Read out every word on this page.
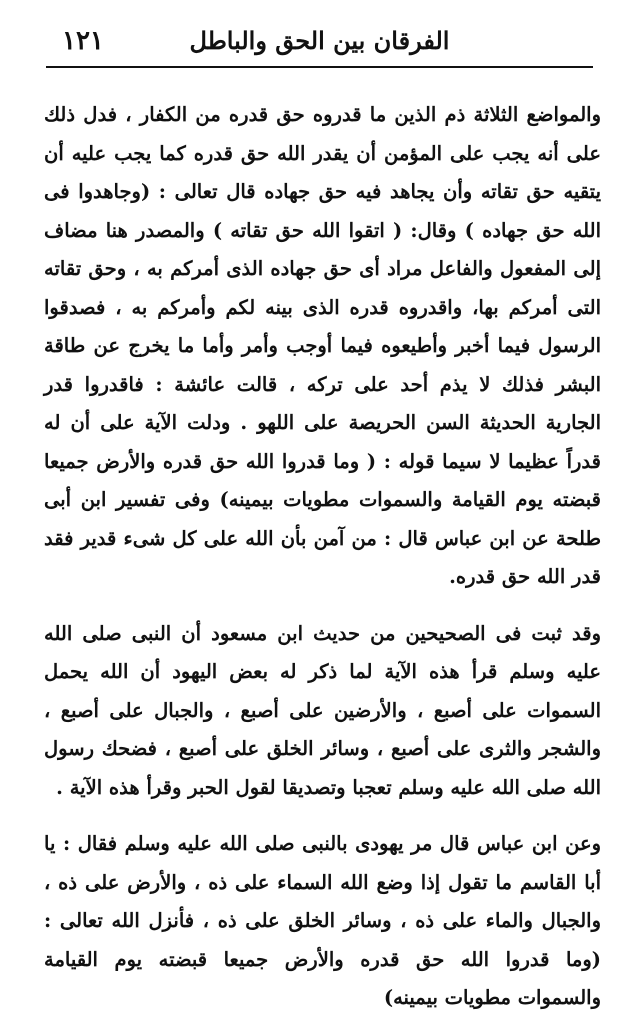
١٢١	الفرقان بين الحق والباطل

والمواضع الثلاثة ذم الذين ما قدروه حق قدره من الكفار ، فدل ذلك على أنه يجب على المؤمن أن يقدر الله حق قدره كما يجب عليه أن يتقيه حق تقاته وأن يجاهد فيه حق جهاده قال تعالى : (وجاهدوا فى الله حق جهاده ) وقال: ( اتقوا الله حق تقاته ) والمصدر هنا مضاف إلى المفعول والفاعل مراد أى حق جهاده الذى أمركم به ، وحق تقاته التى أمركم بها، واقدروه قدره الذى بينه لكم وأمركم به ، فصدقوا الرسول فيما أخبر وأطيعوه فيما أوجب وأمر وأما ما يخرج عن طاقة البشر فذلك لا يذم أحد على تركه ، قالت عائشة : فاقدروا قدر الجارية الحديثة السن الحريصة على اللهو . ودلت الآية على أن له قدراً عظيما لا سيما قوله : ( وما قدروا الله حق قدره والأرض جميعا قبضته يوم القيامة والسموات مطويات بيمينه) وفى تفسير ابن أبى طلحة عن ابن عباس قال : من آمن بأن الله على كل شىء قدير فقد قدر الله حق قدره.

وقد ثبت فى الصحيحين من حديث ابن مسعود أن النبى صلى الله عليه وسلم قرأ هذه الآية لما ذكر له بعض اليهود أن الله يحمل السموات على أصبع ، والأرضين على أصبع ، والجبال على أصبع ، والشجر والثرى على أصبع ، وسائر الخلق على أصبع ، فضحك رسول الله صلى الله عليه وسلم تعجبا وتصديقا لقول الحبر وقرأ هذه الآية .

وعن ابن عباس قال مر يهودى بالنبى صلى الله عليه وسلم فقال : يا أبا القاسم ما تقول إذا وضع الله السماء على ذه ، والأرض على ذه ، والجبال والماء على ذه ، وسائر الخلق على ذه ، فأنزل الله تعالى : (وما قدروا الله حق قدره والأرض جميعا قبضته يوم القيامة والسموات مطويات بيمينه)
